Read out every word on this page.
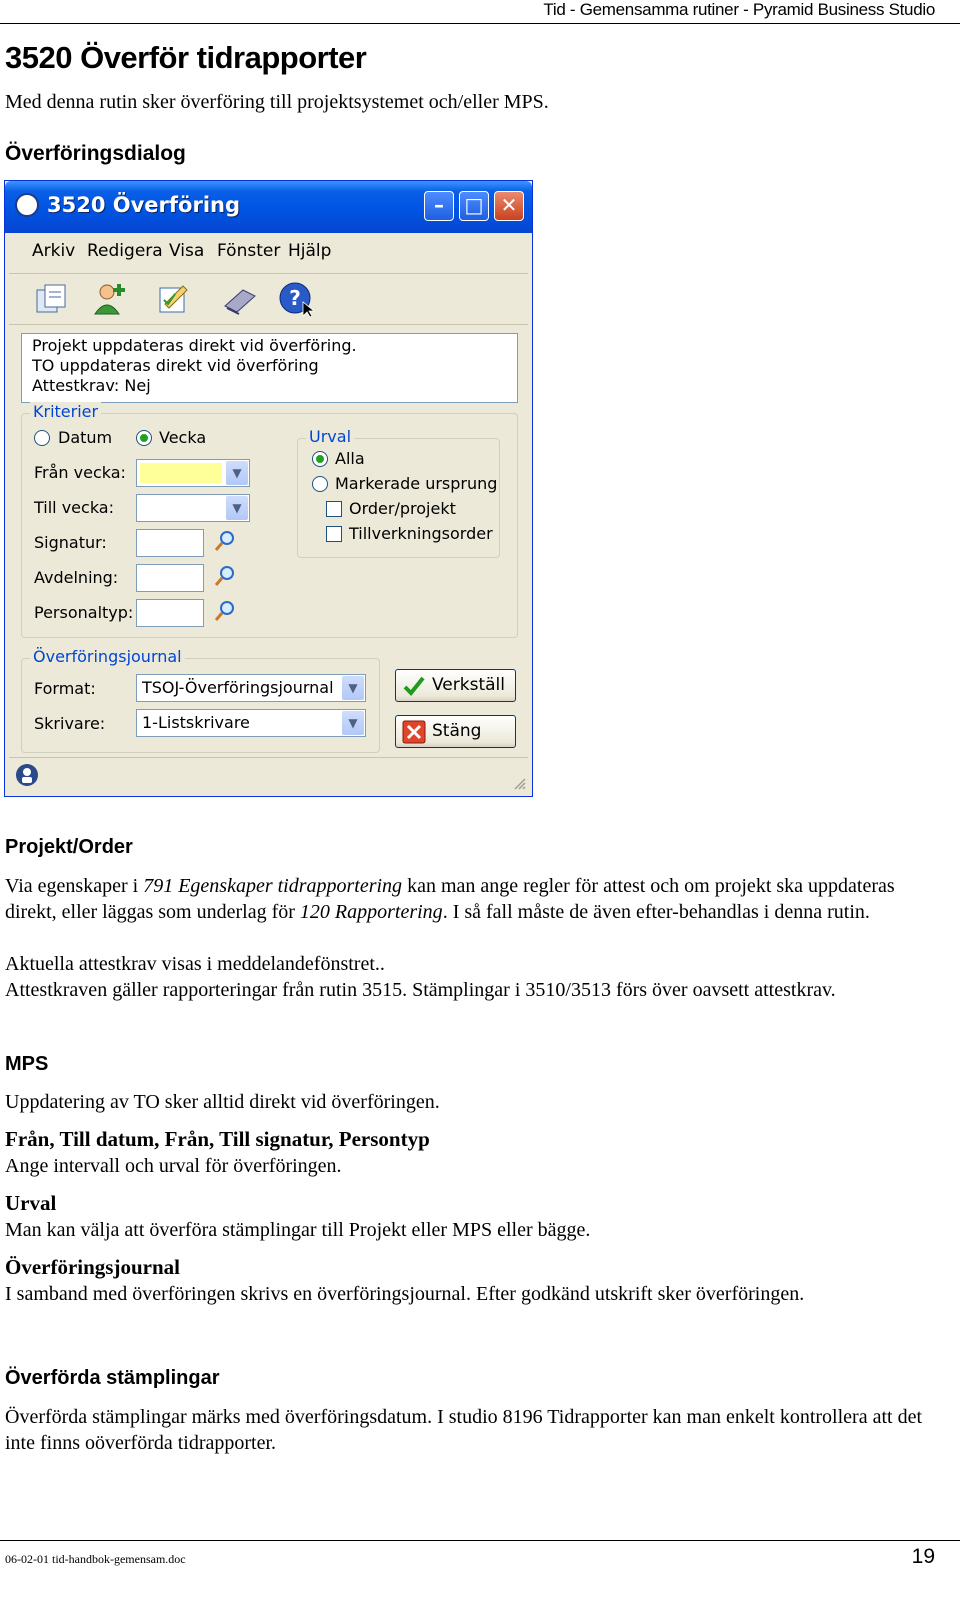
Tid - Gemensamma rutiner - Pyramid Business Studio
3520 Överför tidrapporter
Med denna rutin sker överföring till projektsystemet och/eller MPS.
Överföringsdialog
3520 Överföring	–	□ ✕
Arkiv Redigera Visa Fönster Hjälp
?
Projekt uppdateras direkt vid överföring.
TO uppdateras direkt vid överföring
Attestkrav: Nej
Kriterier
Datum	Vecka
Från vecka:	▼
Till vecka:	▼
Signatur:
Avdelning:
Personaltyp:
Urval
Alla
Markerade ursprung
Order/projekt
Tillverkningsorder
Överföringsjournal
Format:	TSOJ-Överföringsjournal	▼
Skrivare:	1-Listskrivare	▼
Verkställ
Stäng
Projekt/Order
Via egenskaper i 791 Egenskaper tidrapportering kan man ange regler för attest och om projekt ska uppdateras direkt, eller läggas som underlag för 120 Rapportering. I så fall måste de även efter-behandlas i denna rutin.
Aktuella attestkrav visas i meddelandefönstret..
Attestkraven gäller rapporteringar från rutin 3515. Stämplingar i 3510/3513 förs över oavsett attestkrav.
MPS
Uppdatering av TO sker alltid direkt vid överföringen.
Från, Till datum, Från, Till signatur, Persontyp
Ange intervall och urval för överföringen.
Urval
Man kan välja att överföra stämplingar till Projekt eller MPS eller bägge.
Överföringsjournal
I samband med överföringen skrivs en överföringsjournal. Efter godkänd utskrift sker överföringen.
Överförda stämplingar
Överförda stämplingar märks med överföringsdatum. I studio 8196 Tidrapporter kan man enkelt kontrollera att det inte finns oöverförda tidrapporter.
06-02-01 tid-handbok-gemensam.doc	19
